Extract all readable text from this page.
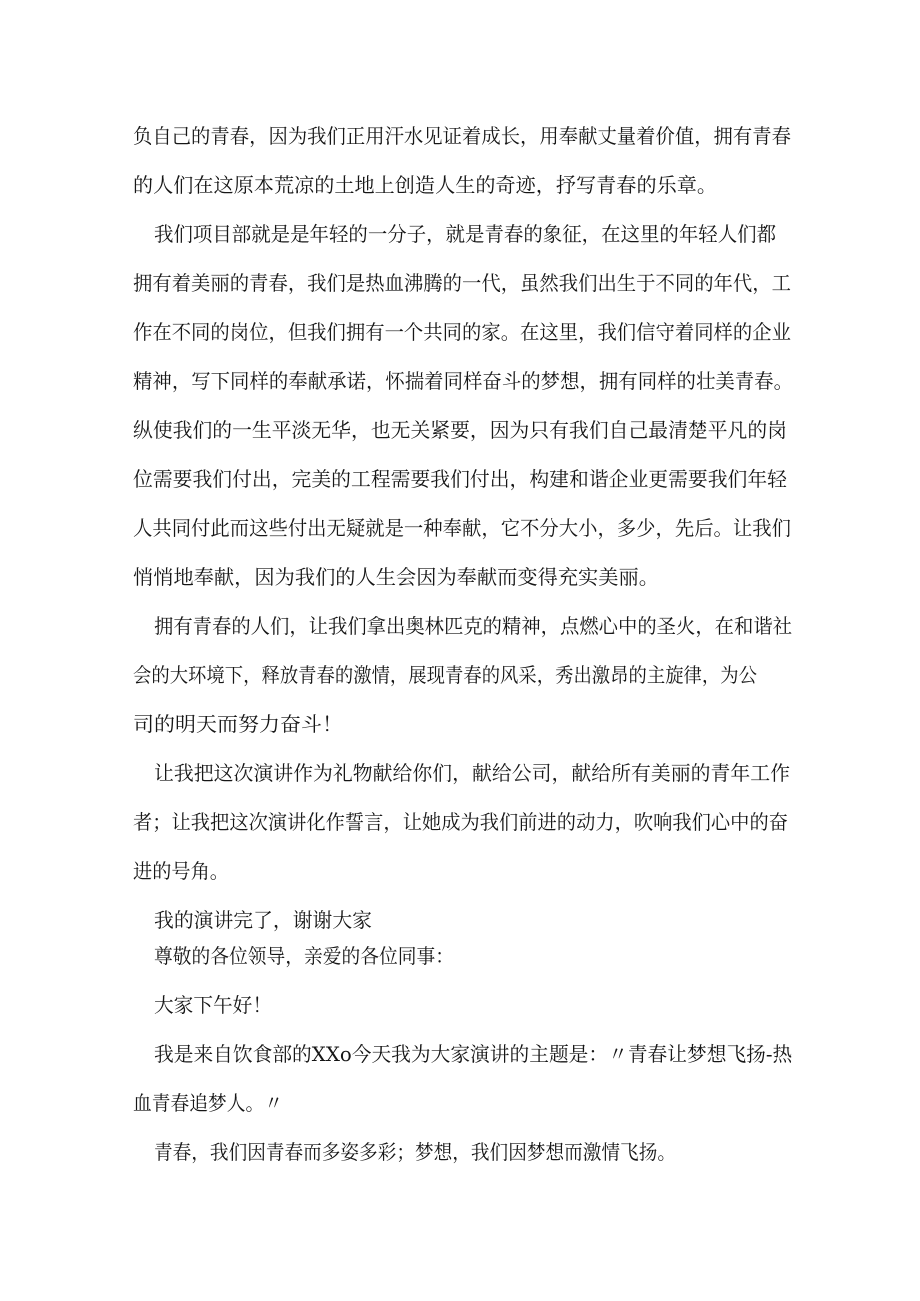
负自己的青春，因为我们正用汗水见证着成长，用奉献丈量着价值，拥有青春

的人们在这原本荒凉的土地上创造人生的奇迹，抒写青春的乐章。

我们项目部就是是年轻的一分子，就是青春的象征，在这里的年轻人们都

拥有着美丽的青春，我们是热血沸腾的一代，虽然我们出生于不同的年代，工

作在不同的岗位，但我们拥有一个共同的家。在这里，我们信守着同样的企业

精神，写下同样的奉献承诺，怀揣着同样奋斗的梦想，拥有同样的壮美青春。

纵使我们的一生平淡无华，也无关紧要，因为只有我们自己最清楚平凡的岗

位需要我们付出，完美的工程需要我们付出，构建和谐企业更需要我们年轻

人共同付此而这些付出无疑就是一种奉献，它不分大小，多少，先后。让我们

悄悄地奉献，因为我们的人生会因为奉献而变得充实美丽。

拥有青春的人们，让我们拿出奥林匹克的精神，点燃心中的圣火，在和谐社

会的大环境下，释放青春的激情，展现青春的风采，秀出激昂的主旋律，为公

司的明天而努力奋斗！

让我把这次演讲作为礼物献给你们，献给公司，献给所有美丽的青年工作

者；让我把这次演讲化作誓言，让她成为我们前进的动力，吹响我们心中的奋

进的号角。

我的演讲完了，谢谢大家

尊敬的各位领导，亲爱的各位同事：

大家下午好！

我是来自饮食部的XXo今天我为大家演讲的主题是：〃青春让梦想飞扬-热

血青春追梦人。〃

青春，我们因青春而多姿多彩；梦想，我们因梦想而激情飞扬。
